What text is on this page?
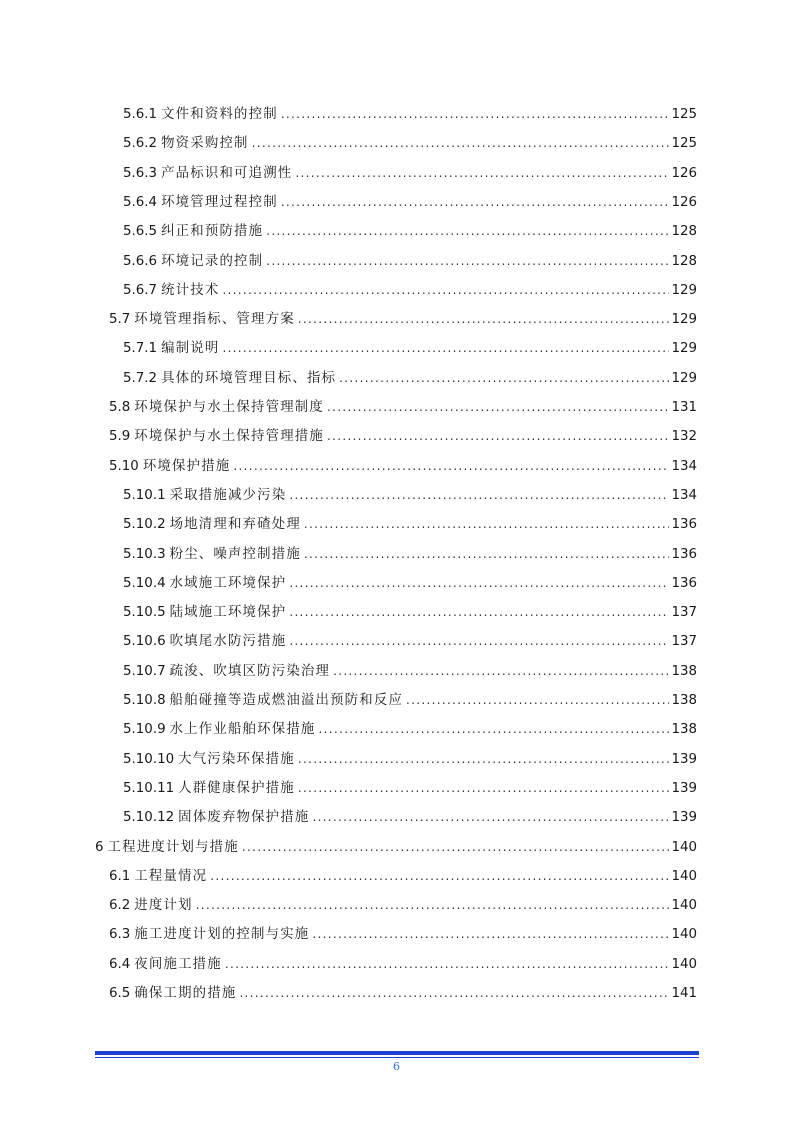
5.6.1 文件和资料的控制 .....	125
5.6.2 物资采购控制 .....	125
5.6.3 产品标识和可追溯性 .....	126
5.6.4 环境管理过程控制 .....	126
5.6.5 纠正和预防措施 .....	128
5.6.6 环境记录的控制 .....	128
5.6.7 统计技术 .....	129
5.7 环境管理指标、管理方案 .....	129
5.7.1 编制说明 .....	129
5.7.2 具体的环境管理目标、指标 .....	129
5.8 环境保护与水土保持管理制度 .....	131
5.9 环境保护与水土保持管理措施 .....	132
5.10 环境保护措施 .....	134
5.10.1 采取措施减少污染 .....	134
5.10.2 场地清理和弃碴处理 .....	136
5.10.3 粉尘、噪声控制措施 .....	136
5.10.4 水域施工环境保护 .....	136
5.10.5 陆域施工环境保护 .....	137
5.10.6 吹填尾水防污措施 .....	137
5.10.7 疏浚、吹填区防污染治理 .....	138
5.10.8 船舶碰撞等造成燃油溢出预防和反应 .....	138
5.10.9 水上作业船舶环保措施 .....	138
5.10.10 大气污染环保措施 .....	139
5.10.11 人群健康保护措施 .....	139
5.10.12 固体废弃物保护措施 .....	139
6 工程进度计划与措施 .....	140
6.1 工程量情况 .....	140
6.2 进度计划 .....	140
6.3 施工进度计划的控制与实施 .....	140
6.4 夜间施工措施 .....	140
6.5 确保工期的措施 .....	141
6
